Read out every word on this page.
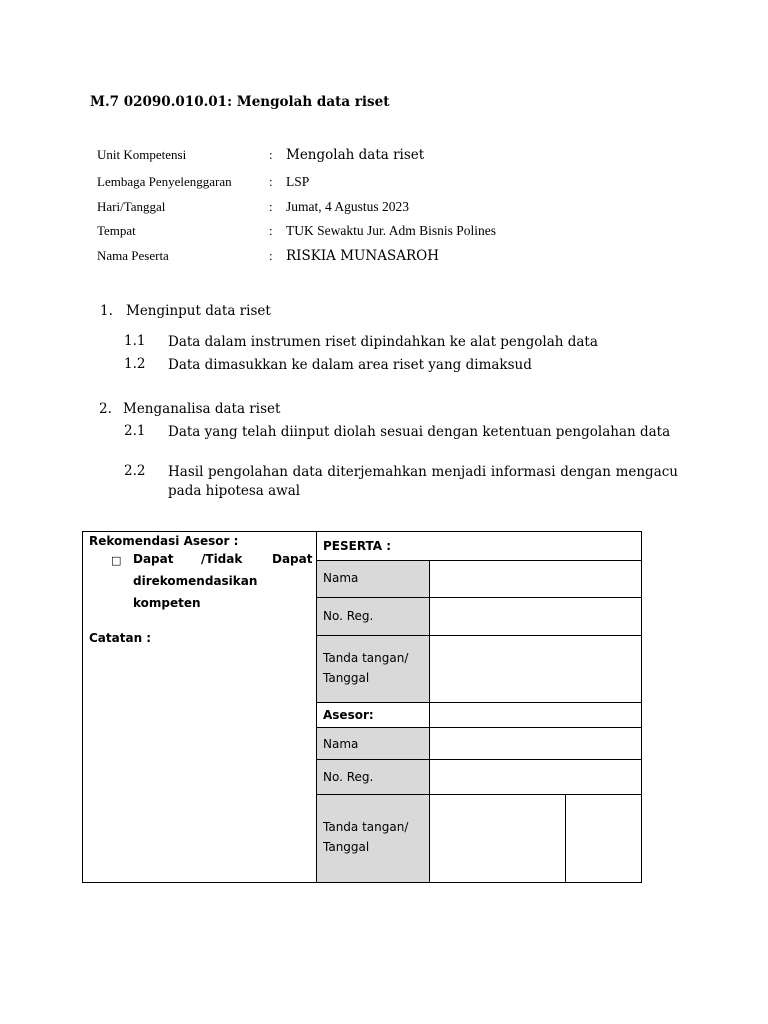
M.7 02090.010.01: Mengolah data riset
Unit Kompetensi	: Mengolah data riset
Lembaga Penyelenggaran	: LSP
Hari/Tanggal	: Jumat, 4 Agustus 2023
Tempat	: TUK Sewaktu Jur. Adm Bisnis Polines
Nama Peserta	: RISKIA MUNASAROH
1. Menginput data riset
1.1 Data dalam instrumen riset dipindahkan ke alat pengolah data
1.2 Data dimasukkan ke dalam area riset yang dimaksud
2. Menganalisa data riset
2.1 Data yang telah diinput diolah sesuai dengan ketentuan pengolahan data
2.2 Hasil pengolahan data diterjemahkan menjadi informasi dengan mengacu pada hipotesa awal
Rekomendasi Asesor :
□ Dapat /Tidak Dapat
direkomendasikan
kompeten
Catatan :
PESERTA :
Nama
No. Reg.
Tanda tangan/
Tanggal
Asesor:
Nama
No. Reg.
Tanda tangan/
Tanggal
